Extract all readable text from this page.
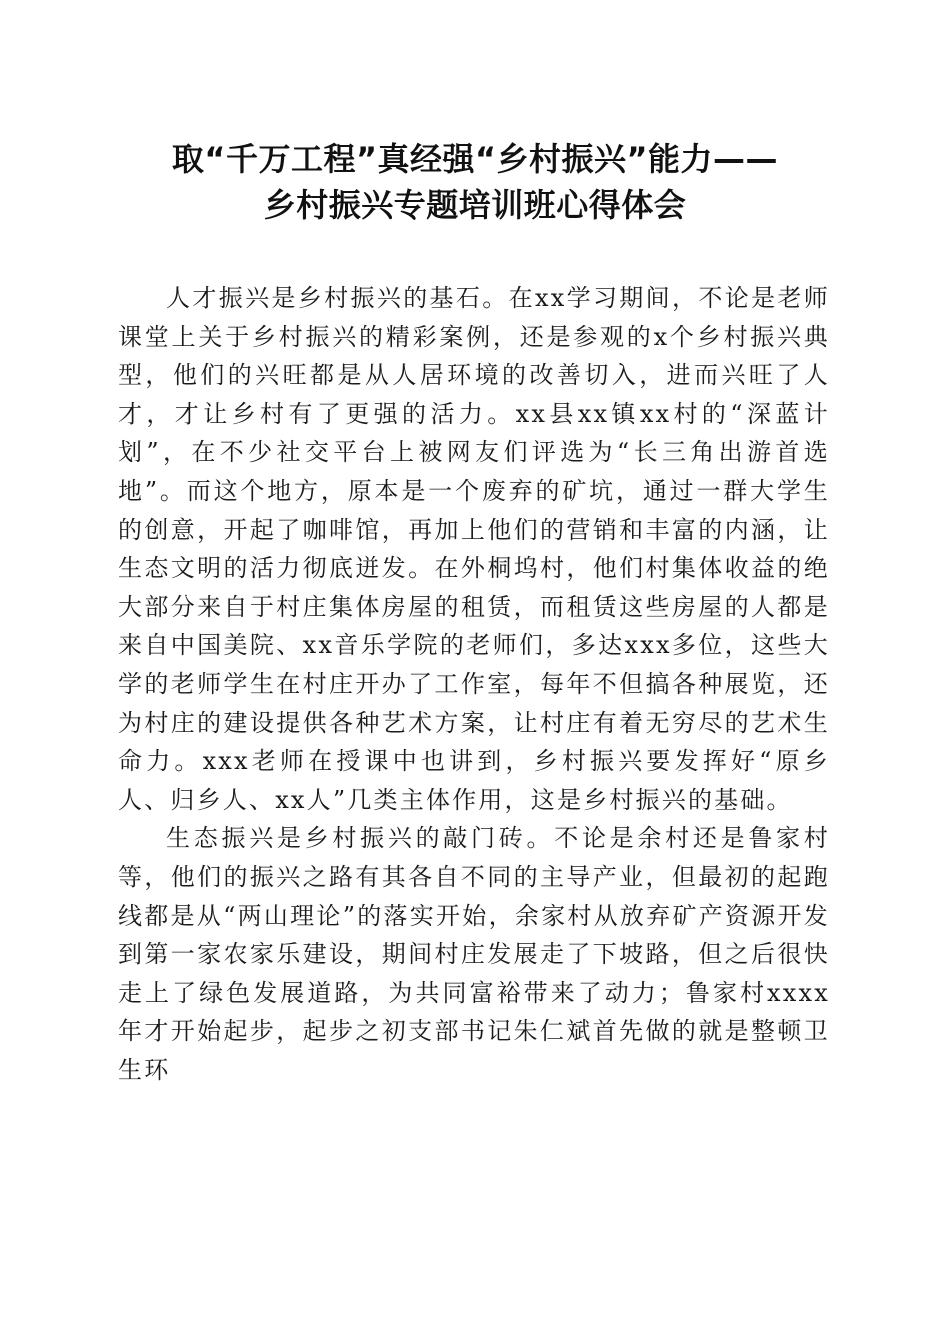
取“千万工程”真经强“乡村振兴”能力——
乡村振兴专题培训班心得体会

人才振兴是乡村振兴的基石。在xx学习期间，不论是老师课堂上关于乡村振兴的精彩案例，还是参观的x个乡村振兴典型，他们的兴旺都是从人居环境的改善切入，进而兴旺了人才，才让乡村有了更强的活力。xx县xx镇xx村的“深蓝计划”，在不少社交平台上被网友们评选为“长三角出游首选地”。而这个地方，原本是一个废弃的矿坑，通过一群大学生的创意，开起了咖啡馆，再加上他们的营销和丰富的内涵，让生态文明的活力彻底迸发。在外桐坞村，他们村集体收益的绝大部分来自于村庄集体房屋的租赁，而租赁这些房屋的人都是来自中国美院、xx音乐学院的老师们，多达xxx多位，这些大学的老师学生在村庄开办了工作室，每年不但搞各种展览，还为村庄的建设提供各种艺术方案，让村庄有着无穷尽的艺术生命力。xxx老师在授课中也讲到，乡村振兴要发挥好“原乡人、归乡人、xx人”几类主体作用，这是乡村振兴的基础。

生态振兴是乡村振兴的敲门砖。不论是余村还是鲁家村等，他们的振兴之路有其各自不同的主导产业，但最初的起跑线都是从“两山理论”的落实开始，余家村从放弃矿产资源开发到第一家农家乐建设，期间村庄发展走了下坡路，但之后很快走上了绿色发展道路，为共同富裕带来了动力；鲁家村xxxx年才开始起步，起步之初支部书记朱仁斌首先做的就是整顿卫生环
